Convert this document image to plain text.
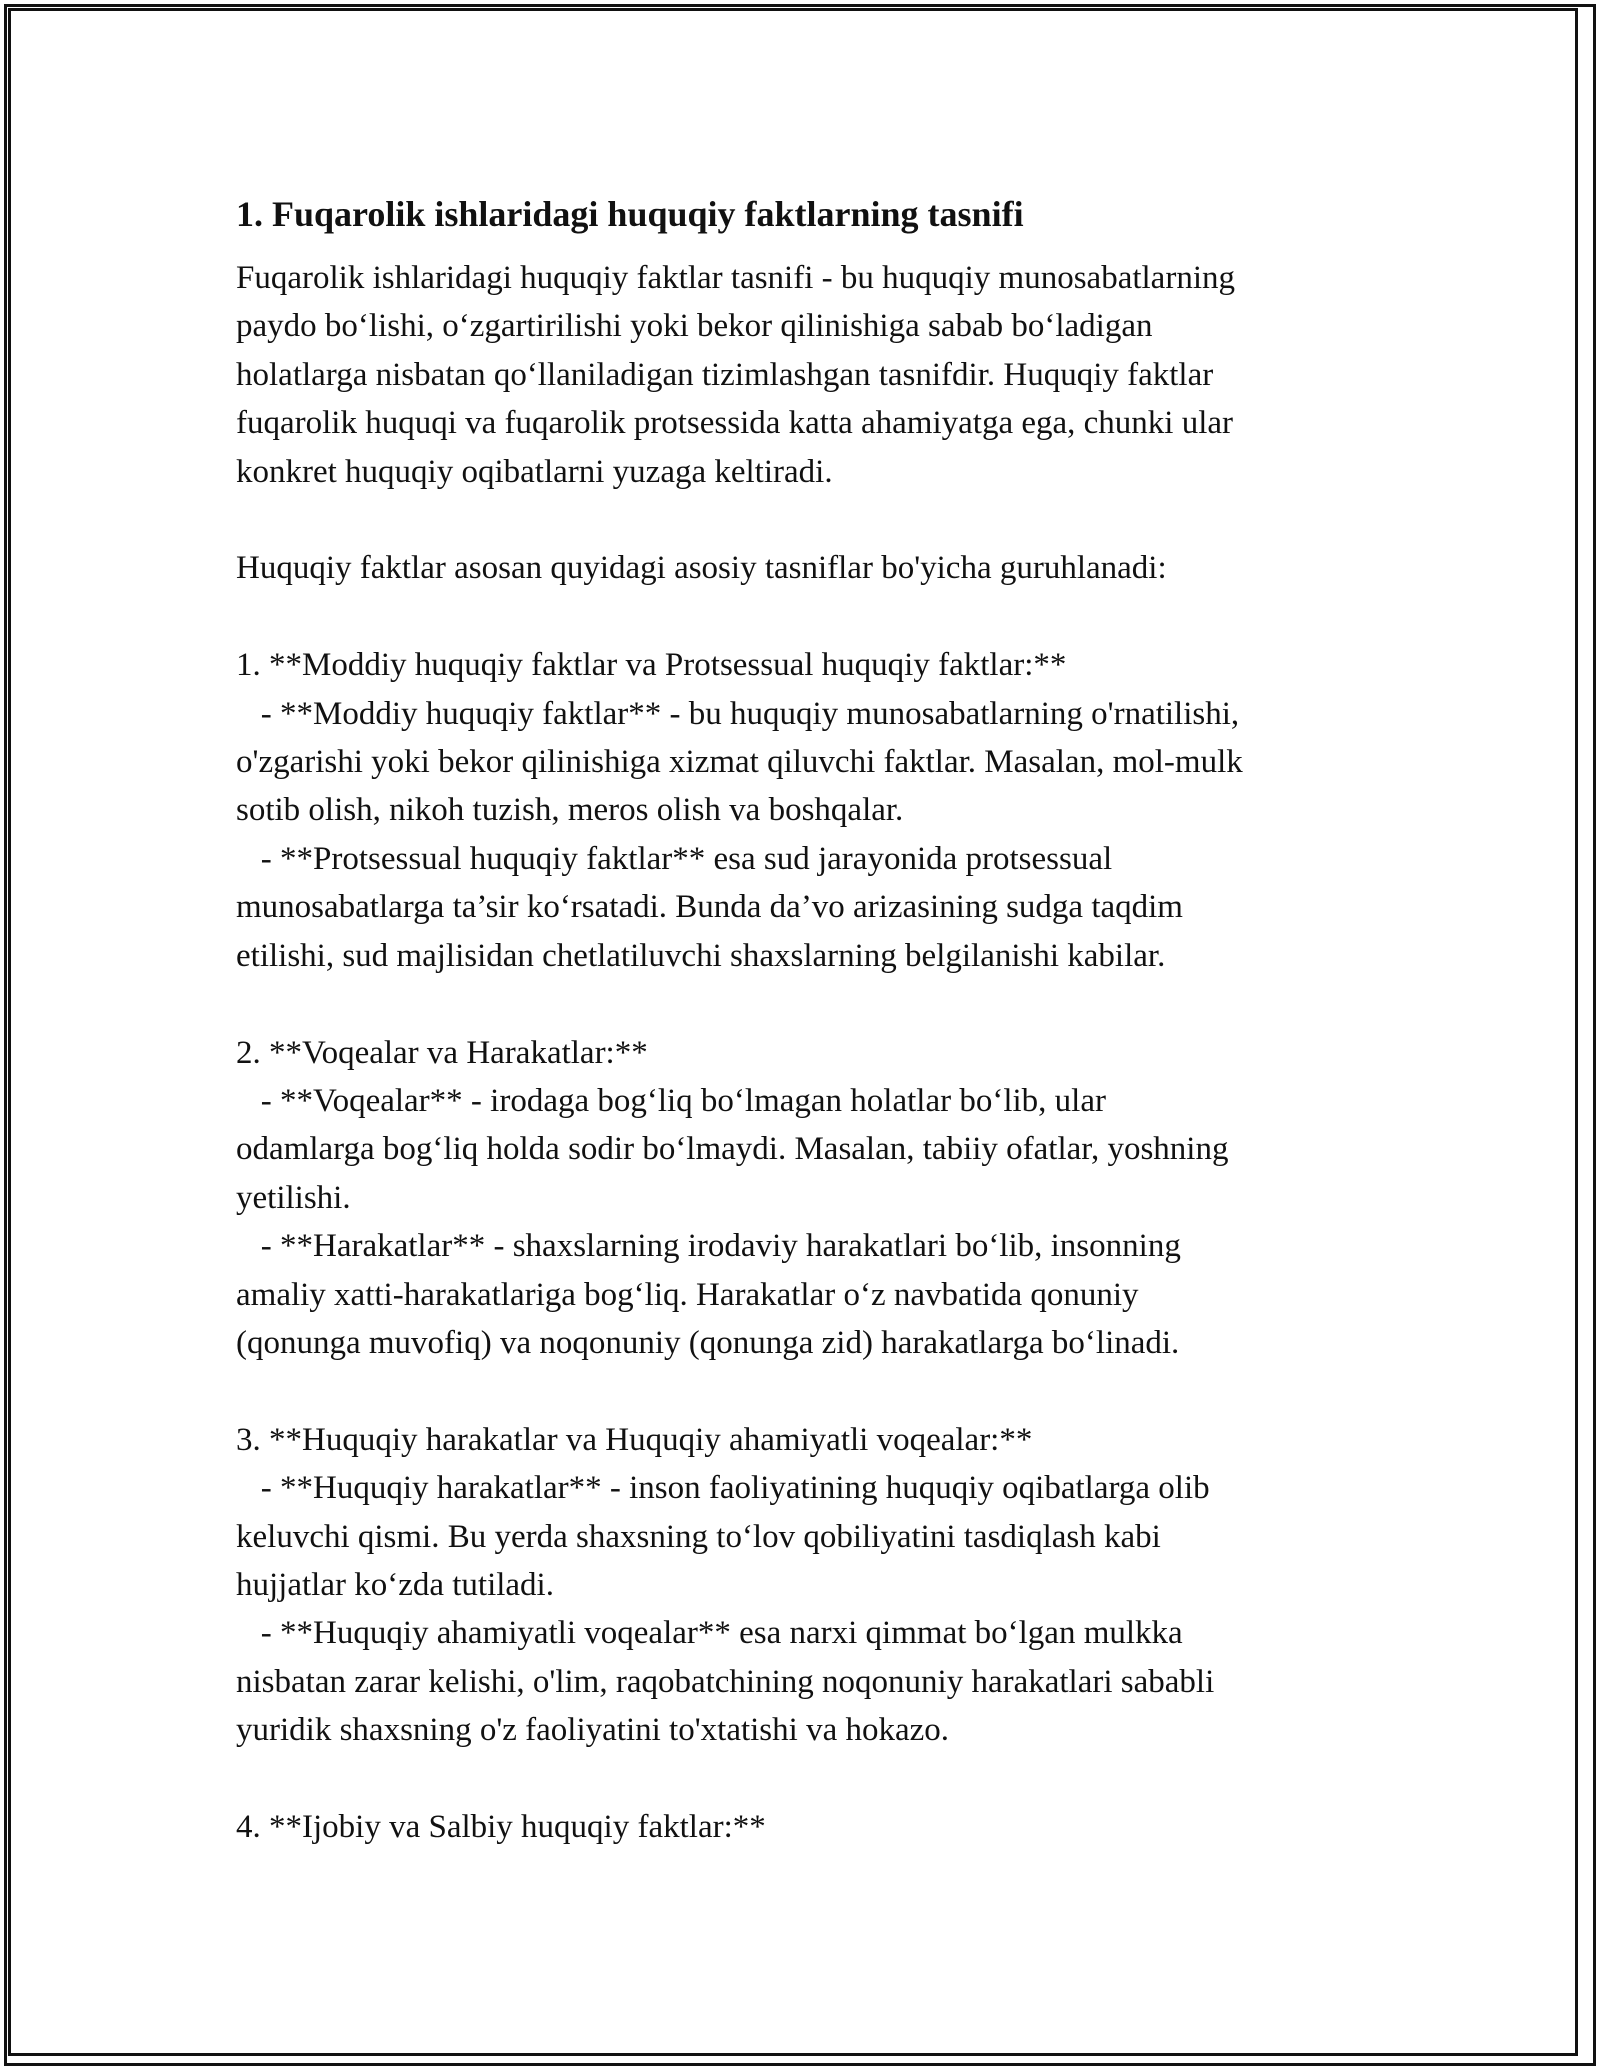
1. Fuqarolik ishlaridagi huquqiy faktlarning tasnifi

Fuqarolik ishlaridagi huquqiy faktlar tasnifi - bu huquqiy munosabatlarning
paydo bo‘lishi, o‘zgartirilishi yoki bekor qilinishiga sabab bo‘ladigan
holatlarga nisbatan qo‘llaniladigan tizimlashgan tasnifdir. Huquqiy faktlar
fuqarolik huquqi va fuqarolik protsessida katta ahamiyatga ega, chunki ular
konkret huquqiy oqibatlarni yuzaga keltiradi.

Huquqiy faktlar asosan quyidagi asosiy tasniflar bo'yicha guruhlanadi:

1. **Moddiy huquqiy faktlar va Protsessual huquqiy faktlar:**
- **Moddiy huquqiy faktlar** - bu huquqiy munosabatlarning o'rnatilishi,
o'zgarishi yoki bekor qilinishiga xizmat qiluvchi faktlar. Masalan, mol-mulk
sotib olish, nikoh tuzish, meros olish va boshqalar.
- **Protsessual huquqiy faktlar** esa sud jarayonida protsessual
munosabatlarga ta’sir ko‘rsatadi. Bunda da’vo arizasining sudga taqdim
etilishi, sud majlisidan chetlatiluvchi shaxslarning belgilanishi kabilar.

2. **Voqealar va Harakatlar:**
- **Voqealar** - irodaga bog‘liq bo‘lmagan holatlar bo‘lib, ular
odamlarga bog‘liq holda sodir bo‘lmaydi. Masalan, tabiiy ofatlar, yoshning
yetilishi.
- **Harakatlar** - shaxslarning irodaviy harakatlari bo‘lib, insonning
amaliy xatti-harakatlariga bog‘liq. Harakatlar o‘z navbatida qonuniy
(qonunga muvofiq) va noqonuniy (qonunga zid) harakatlarga bo‘linadi.

3. **Huquqiy harakatlar va Huquqiy ahamiyatli voqealar:**
- **Huquqiy harakatlar** - inson faoliyatining huquqiy oqibatlarga olib
keluvchi qismi. Bu yerda shaxsning to‘lov qobiliyatini tasdiqlash kabi
hujjatlar ko‘zda tutiladi.
- **Huquqiy ahamiyatli voqealar** esa narxi qimmat bo‘lgan mulkka
nisbatan zarar kelishi, o'lim, raqobatchining noqonuniy harakatlari sababli
yuridik shaxsning o'z faoliyatini to'xtatishi va hokazo.

4. **Ijobiy va Salbiy huquqiy faktlar:**
